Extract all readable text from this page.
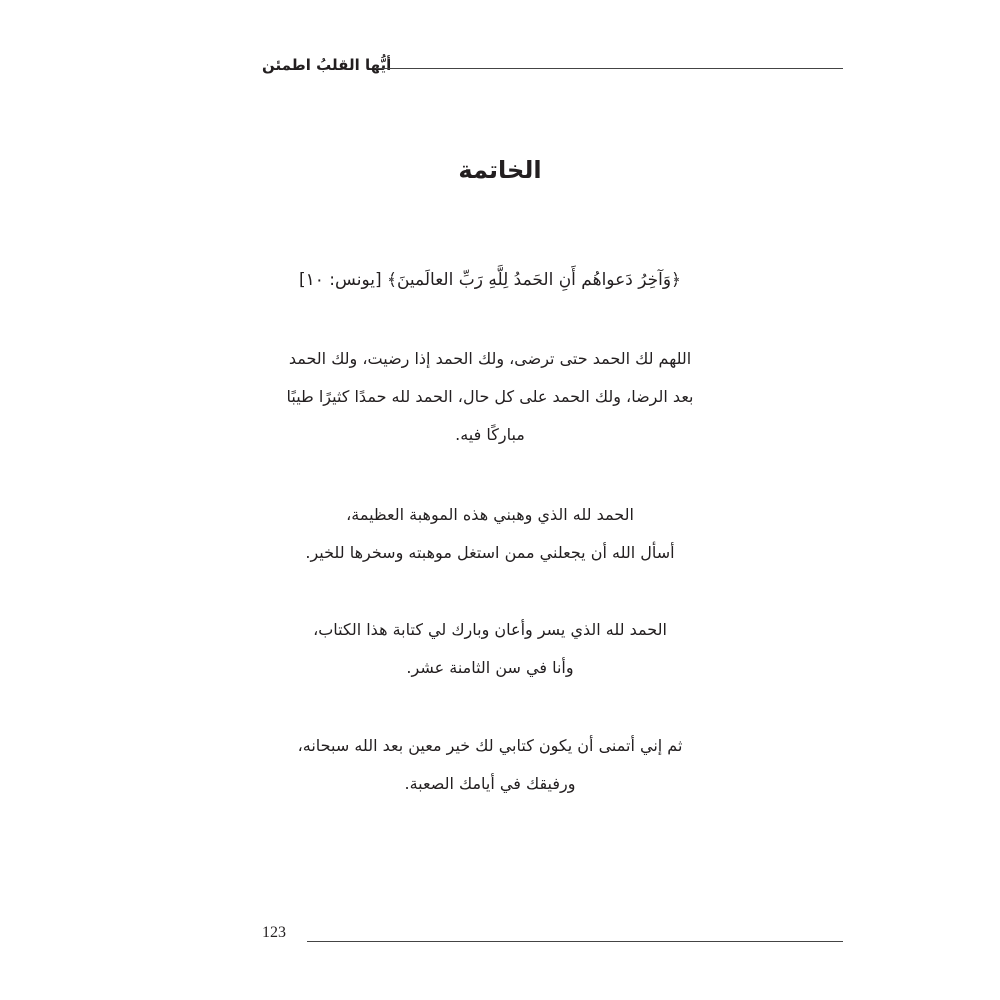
أيُّها القلبُ اطمئن
الخاتمة
﴿وَآخِرُ دَعواهُم أَنِ الحَمدُ لِلَّهِ رَبِّ العالَمينَ﴾ [يونس: ١٠]

اللهم لك الحمد حتى ترضى، ولك الحمد إذا رضيت، ولك الحمد
بعد الرضا، ولك الحمد على كل حال، الحمد لله حمدًا كثيرًا طيبًا
مباركًا فيه.

الحمد لله الذي وهبني هذه الموهبة العظيمة،
أسأل الله أن يجعلني ممن استغل موهبته وسخرها للخير.

الحمد لله الذي يسر وأعان وبارك لي كتابة هذا الكتاب،
وأنا في سن الثامنة عشر.

ثم إني أتمنى أن يكون كتابي لك خير معين بعد الله سبحانه،
ورفيقك في أيامك الصعبة.

123
